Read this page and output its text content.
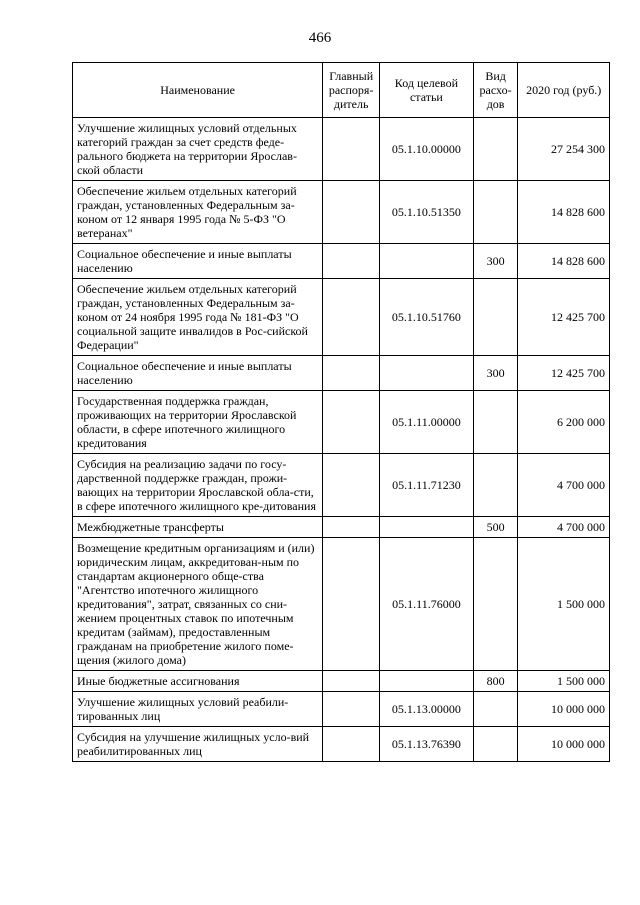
466
Наименование	Главный распоря-дитель	Код целевой статьи	Вид расхо-дов	2020 год (руб.)
Улучшение жилищных условий отдельных категорий граждан за счет средств феде-рального бюджета на территории Ярослав-ской области		05.1.10.00000		27 254 300
Обеспечение жильем отдельных категорий граждан, установленных Федеральным за-коном от 12 января 1995 года № 5-ФЗ "О ветеранах"		05.1.10.51350		14 828 600
Социальное обеспечение и иные выплаты населению			300	14 828 600
Обеспечение жильем отдельных категорий граждан, установленных Федеральным за-коном от 24 ноября 1995 года № 181-ФЗ "О социальной защите инвалидов в Рос-сийской Федерации"		05.1.10.51760		12 425 700
Социальное обеспечение и иные выплаты населению			300	12 425 700
Государственная поддержка граждан, проживающих на территории Ярославской области, в сфере ипотечного жилищного кредитования		05.1.11.00000		6 200 000
Субсидия на реализацию задачи по госу-дарственной поддержке граждан, прожи-вающих на территории Ярославской обла-сти, в сфере ипотечного жилищного кре-дитования		05.1.11.71230		4 700 000
Межбюджетные трансферты			500	4 700 000
Возмещение кредитным организациям и (или) юридическим лицам, аккредитован-ным по стандартам акционерного обще-ства "Агентство ипотечного жилищного кредитования", затрат, связанных со сни-жением процентных ставок по ипотечным кредитам (займам), предоставленным гражданам на приобретение жилого поме-щения (жилого дома)		05.1.11.76000		1 500 000
Иные бюджетные ассигнования			800	1 500 000
Улучшение жилищных условий реабили-тированных лиц		05.1.13.00000		10 000 000
Субсидия на улучшение жилищных усло-вий реабилитированных лиц		05.1.13.76390		10 000 000
